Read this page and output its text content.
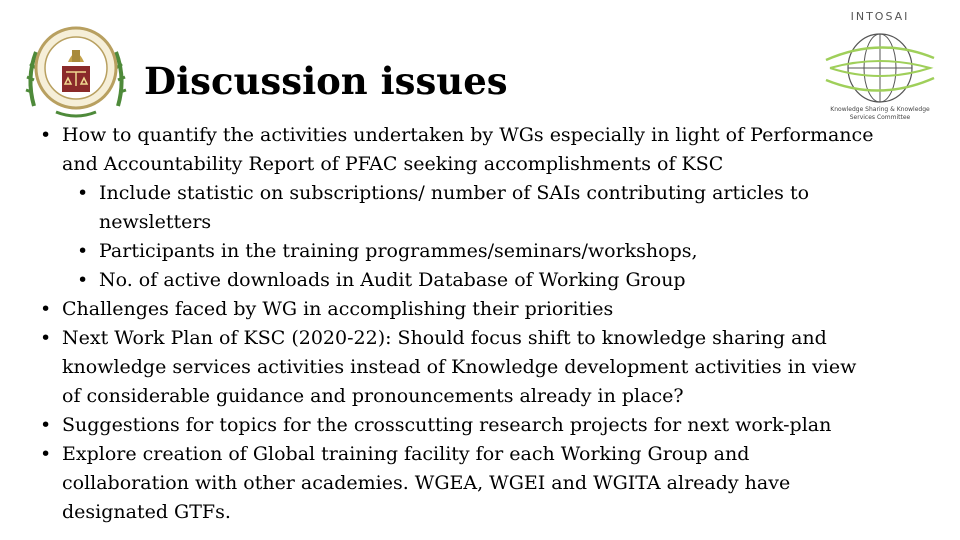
INTOSAI
Knowledge Sharing & Knowledge
Services Committee
Discussion issues
• How to quantify the activities undertaken by WGs especially in light of Performance
and Accountability Report of PFAC seeking accomplishments of KSC
• Include statistic on subscriptions/ number of SAIs contributing articles to
newsletters
• Participants in the training programmes/seminars/workshops,
• No. of active downloads in Audit Database of Working Group
• Challenges faced by WG in accomplishing their priorities
• Next Work Plan of KSC (2020-22): Should focus shift to knowledge sharing and
knowledge services activities instead of Knowledge development activities in view
of considerable guidance and pronouncements already in place?
• Suggestions for topics for the crosscutting research projects for next work-plan
• Explore creation of Global training facility for each Working Group and
collaboration with other academies. WGEA, WGEI and WGITA already have
designated GTFs.
